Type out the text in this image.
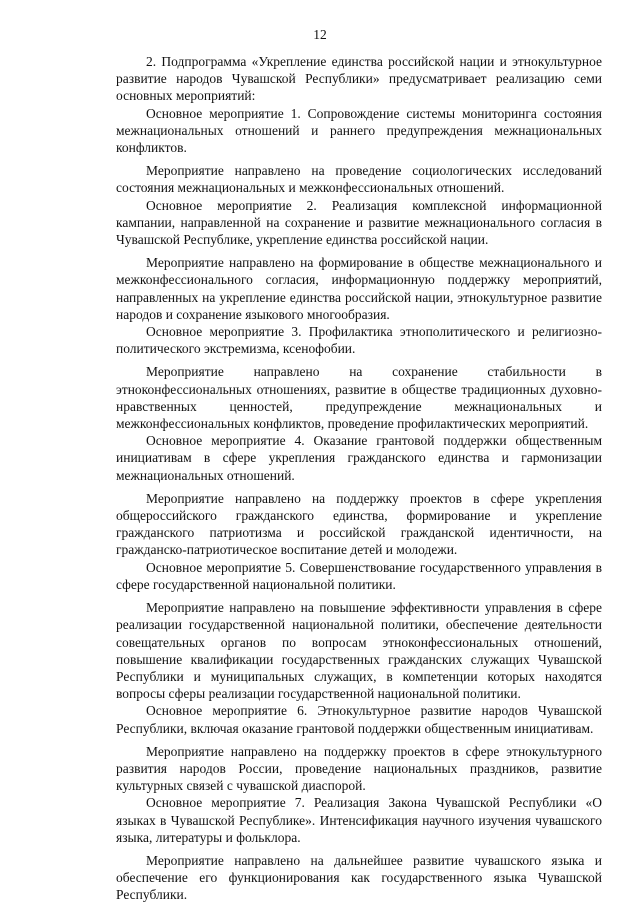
12

2. Подпрограмма «Укрепление единства российской нации и этнокультурное развитие народов Чувашской Республики» предусматривает реализацию семи основных мероприятий:

Основное мероприятие 1. Сопровождение системы мониторинга состояния межнациональных отношений и раннего предупреждения межнациональных конфликтов.

Мероприятие направлено на проведение социологических исследований состояния межнациональных и межконфессиональных отношений.

Основное мероприятие 2. Реализация комплексной информационной кампании, направленной на сохранение и развитие межнационального согласия в Чувашской Республике, укрепление единства российской нации.

Мероприятие направлено на формирование в обществе межнационального и межконфессионального согласия, информационную поддержку мероприятий, направленных на укрепление единства российской нации, этнокультурное развитие народов и сохранение языкового многообразия.

Основное мероприятие 3. Профилактика этнополитического и религиозно-политического экстремизма, ксенофобии.

Мероприятие направлено на сохранение стабильности в этноконфессиональных отношениях, развитие в обществе традиционных духовно-нравственных ценностей, предупреждение межнациональных и межконфессиональных конфликтов, проведение профилактических мероприятий.

Основное мероприятие 4. Оказание грантовой поддержки общественным инициативам в сфере укрепления гражданского единства и гармонизации межнациональных отношений.

Мероприятие направлено на поддержку проектов в сфере укрепления общероссийского гражданского единства, формирование и укрепление гражданского патриотизма и российской гражданской идентичности, на гражданско-патриотическое воспитание детей и молодежи.

Основное мероприятие 5. Совершенствование государственного управления в сфере государственной национальной политики.

Мероприятие направлено на повышение эффективности управления в сфере реализации государственной национальной политики, обеспечение деятельности совещательных органов по вопросам этноконфессиональных отношений, повышение квалификации государственных гражданских служащих Чувашской Республики и муниципальных служащих, в компетенции которых находятся вопросы сферы реализации государственной национальной политики.

Основное мероприятие 6. Этнокультурное развитие народов Чувашской Республики, включая оказание грантовой поддержки общественным инициативам.

Мероприятие направлено на поддержку проектов в сфере этнокультурного развития народов России, проведение национальных праздников, развитие культурных связей с чувашской диаспорой.

Основное мероприятие 7. Реализация Закона Чувашской Республики «О языках в Чувашской Республике». Интенсификация научного изучения чувашского языка, литературы и фольклора.

Мероприятие направлено на дальнейшее развитие чувашского языка и обеспечение его функционирования как государственного языка Чувашской Республики.
